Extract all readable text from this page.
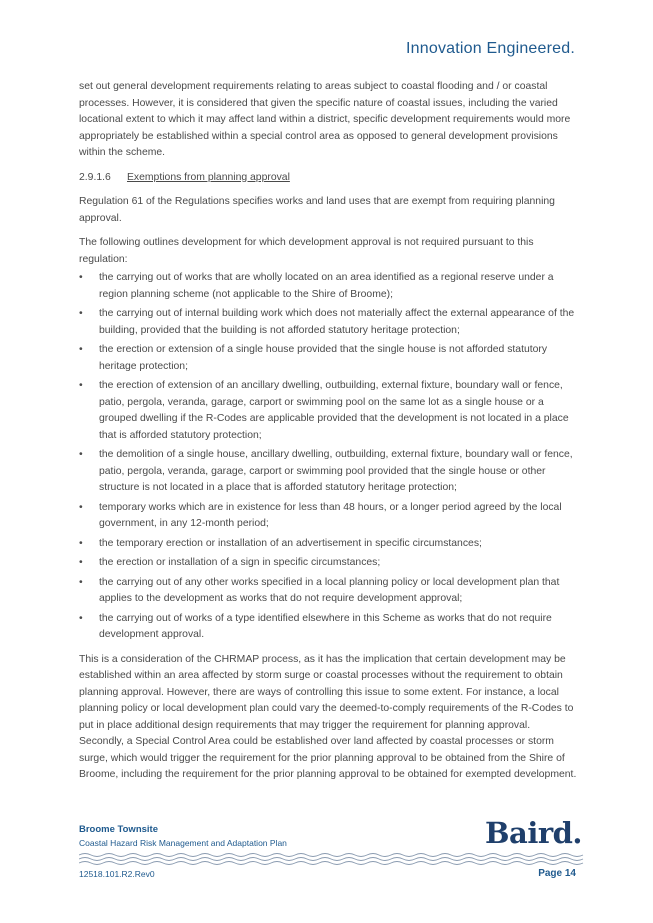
Innovation Engineered.

set out general development requirements relating to areas subject to coastal flooding and / or coastal processes. However, it is considered that given the specific nature of coastal issues, including the varied locational extent to which it may affect land within a district, specific development requirements would more appropriately be established within a special control area as opposed to general development provisions within the scheme.

2.9.1.6 Exemptions from planning approval

Regulation 61 of the Regulations specifies works and land uses that are exempt from requiring planning approval.

The following outlines development for which development approval is not required pursuant to this regulation:

• the carrying out of works that are wholly located on an area identified as a regional reserve under a region planning scheme (not applicable to the Shire of Broome);
• the carrying out of internal building work which does not materially affect the external appearance of the building, provided that the building is not afforded statutory heritage protection;
• the erection or extension of a single house provided that the single house is not afforded statutory heritage protection;
• the erection of extension of an ancillary dwelling, outbuilding, external fixture, boundary wall or fence, patio, pergola, veranda, garage, carport or swimming pool on the same lot as a single house or a grouped dwelling if the R-Codes are applicable provided that the development is not located in a place that is afforded statutory protection;
• the demolition of a single house, ancillary dwelling, outbuilding, external fixture, boundary wall or fence, patio, pergola, veranda, garage, carport or swimming pool provided that the single house or other structure is not located in a place that is afforded statutory heritage protection;
• temporary works which are in existence for less than 48 hours, or a longer period agreed by the local government, in any 12-month period;
• the temporary erection or installation of an advertisement in specific circumstances;
• the erection or installation of a sign in specific circumstances;
• the carrying out of any other works specified in a local planning policy or local development plan that applies to the development as works that do not require development approval;
• the carrying out of works of a type identified elsewhere in this Scheme as works that do not require development approval.

This is a consideration of the CHRMAP process, as it has the implication that certain development may be established within an area affected by storm surge or coastal processes without the requirement to obtain planning approval. However, there are ways of controlling this issue to some extent. For instance, a local planning policy or local development plan could vary the deemed-to-comply requirements of the R-Codes to put in place additional design requirements that may trigger the requirement for planning approval. Secondly, a Special Control Area could be established over land affected by coastal processes or storm surge, which would trigger the requirement for the prior planning approval to be obtained from the Shire of Broome, including the requirement for the prior planning approval to be obtained for exempted development.

Broome Townsite
Coastal Hazard Risk Management and Adaptation Plan	Baird.
12518.101.R2.Rev0	Page 14
